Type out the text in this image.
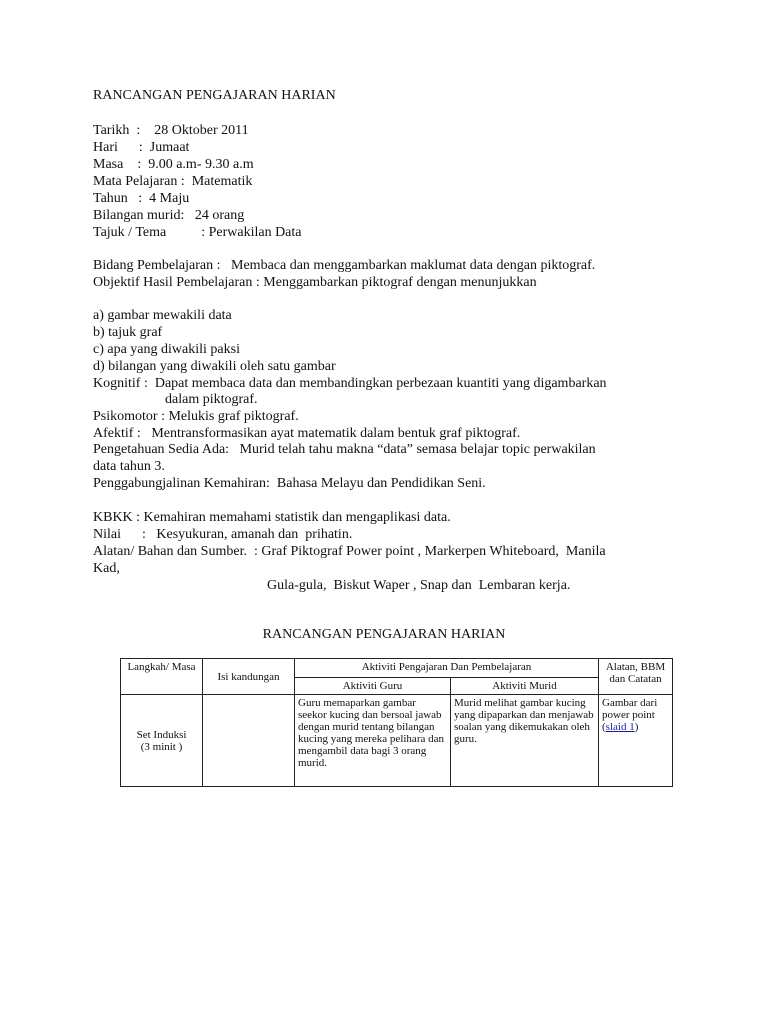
RANCANGAN PENGAJARAN HARIAN
Tarikh  :    28 Oktober 2011
Hari      :  Jumaat
Masa    :  9.00 a.m- 9.30 a.m
Mata Pelajaran :  Matematik
Tahun   :  4 Maju
Bilangan murid:   24 orang
Tajuk / Tema          : Perwakilan Data
Bidang Pembelajaran :   Membaca dan menggambarkan maklumat data dengan piktograf.
Objektif Hasil Pembelajaran : Menggambarkan piktograf dengan menunjukkan
a) gambar mewakili data
b) tajuk graf
c) apa yang diwakili paksi
d) bilangan yang diwakili oleh satu gambar
Kognitif :  Dapat membaca data dan membandingkan perbezaan kuantiti yang digambarkan
dalam piktograf.
Psikomotor : Melukis graf piktograf.
Afektif :   Mentransformasikan ayat matematik dalam bentuk graf piktograf.
Pengetahuan Sedia Ada:   Murid telah tahu makna “data” semasa belajar topic perwakilan
data tahun 3.
Penggabungjalinan Kemahiran:  Bahasa Melayu dan Pendidikan Seni.
KBKK : Kemahiran memahami statistik dan mengaplikasi data.
Nilai      :   Kesyukuran, amanah dan  prihatin.
Alatan/ Bahan dan Sumber.  : Graf Piktograf Power point , Markerpen Whiteboard,  Manila
Kad,
Gula-gula,  Biskut Waper , Snap dan  Lembaran kerja.
RANCANGAN PENGAJARAN HARIAN
Langkah/ Masa	Isi kandungan	Aktiviti Pengajaran Dan Pembelajaran		Alatan, BBM dan Catatan
		Aktiviti Guru	Aktiviti Murid	

Set Induksi
(3 minit )		Guru memaparkan gambar seekor kucing dan bersoal jawab dengan murid tentang bilangan kucing yang mereka pelihara dan mengambil data bagi 3 orang murid.	Murid melihat gambar kucing yang dipaparkan dan menjawab soalan yang dikemukakan oleh guru.	Gambar dari power point (slaid 1)
